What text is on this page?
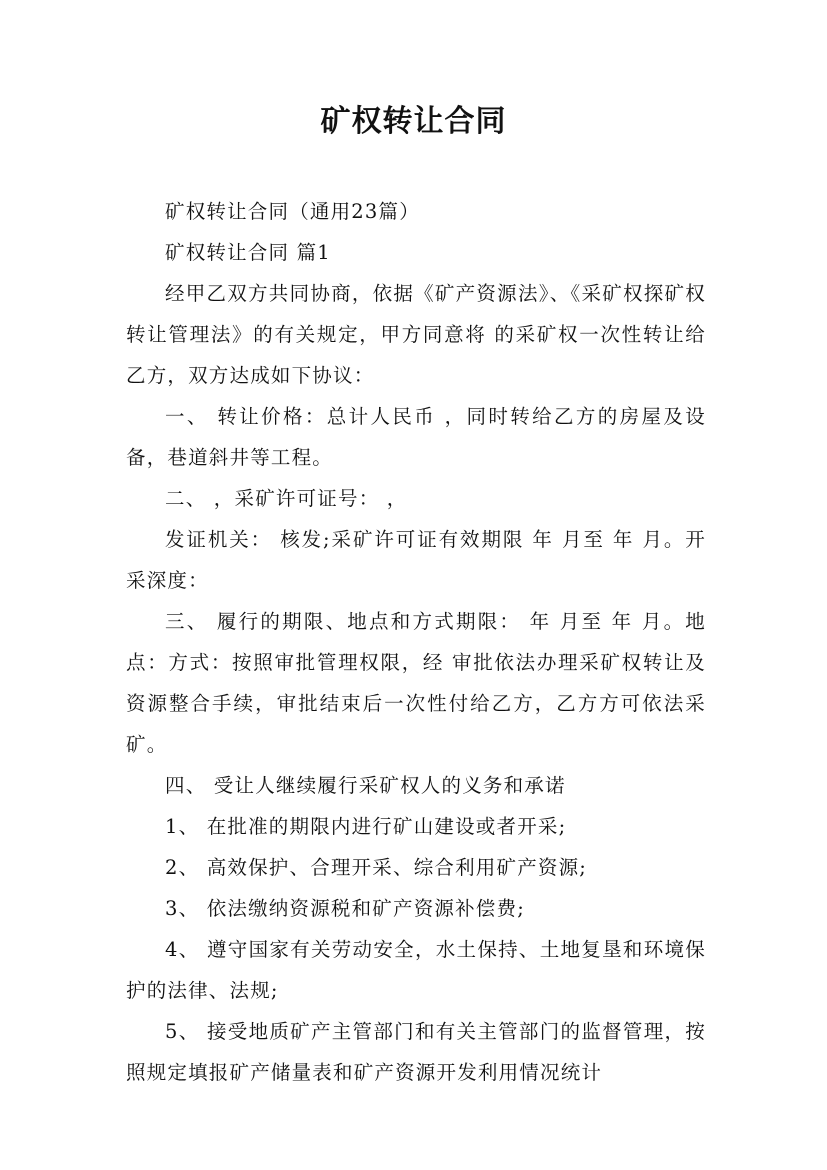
矿权转让合同

矿权转让合同（通用23篇）

矿权转让合同 篇1

经甲乙双方共同协商，依据《矿产资源法》、《采矿权探矿权转让管理法》的有关规定，甲方同意将 的采矿权一次性转让给乙方，双方达成如下协议：

一、 转让价格：总计人民币 ，同时转给乙方的房屋及设备，巷道斜井等工程。

二、 ，采矿许可证号： ，

发证机关： 核发;采矿许可证有效期限 年 月至 年 月。开采深度：

三、 履行的期限、地点和方式期限： 年 月至 年 月。地点：方式：按照审批管理权限，经 审批依法办理采矿权转让及资源整合手续，审批结束后一次性付给乙方，乙方方可依法采矿。

四、 受让人继续履行采矿权人的义务和承诺

1、 在批准的期限内进行矿山建设或者开采;

2、 高效保护、合理开采、综合利用矿产资源;

3、 依法缴纳资源税和矿产资源补偿费;

4、 遵守国家有关劳动安全，水土保持、土地复垦和环境保护的法律、法规;

5、 接受地质矿产主管部门和有关主管部门的监督管理，按照规定填报矿产储量表和矿产资源开发利用情况统计
